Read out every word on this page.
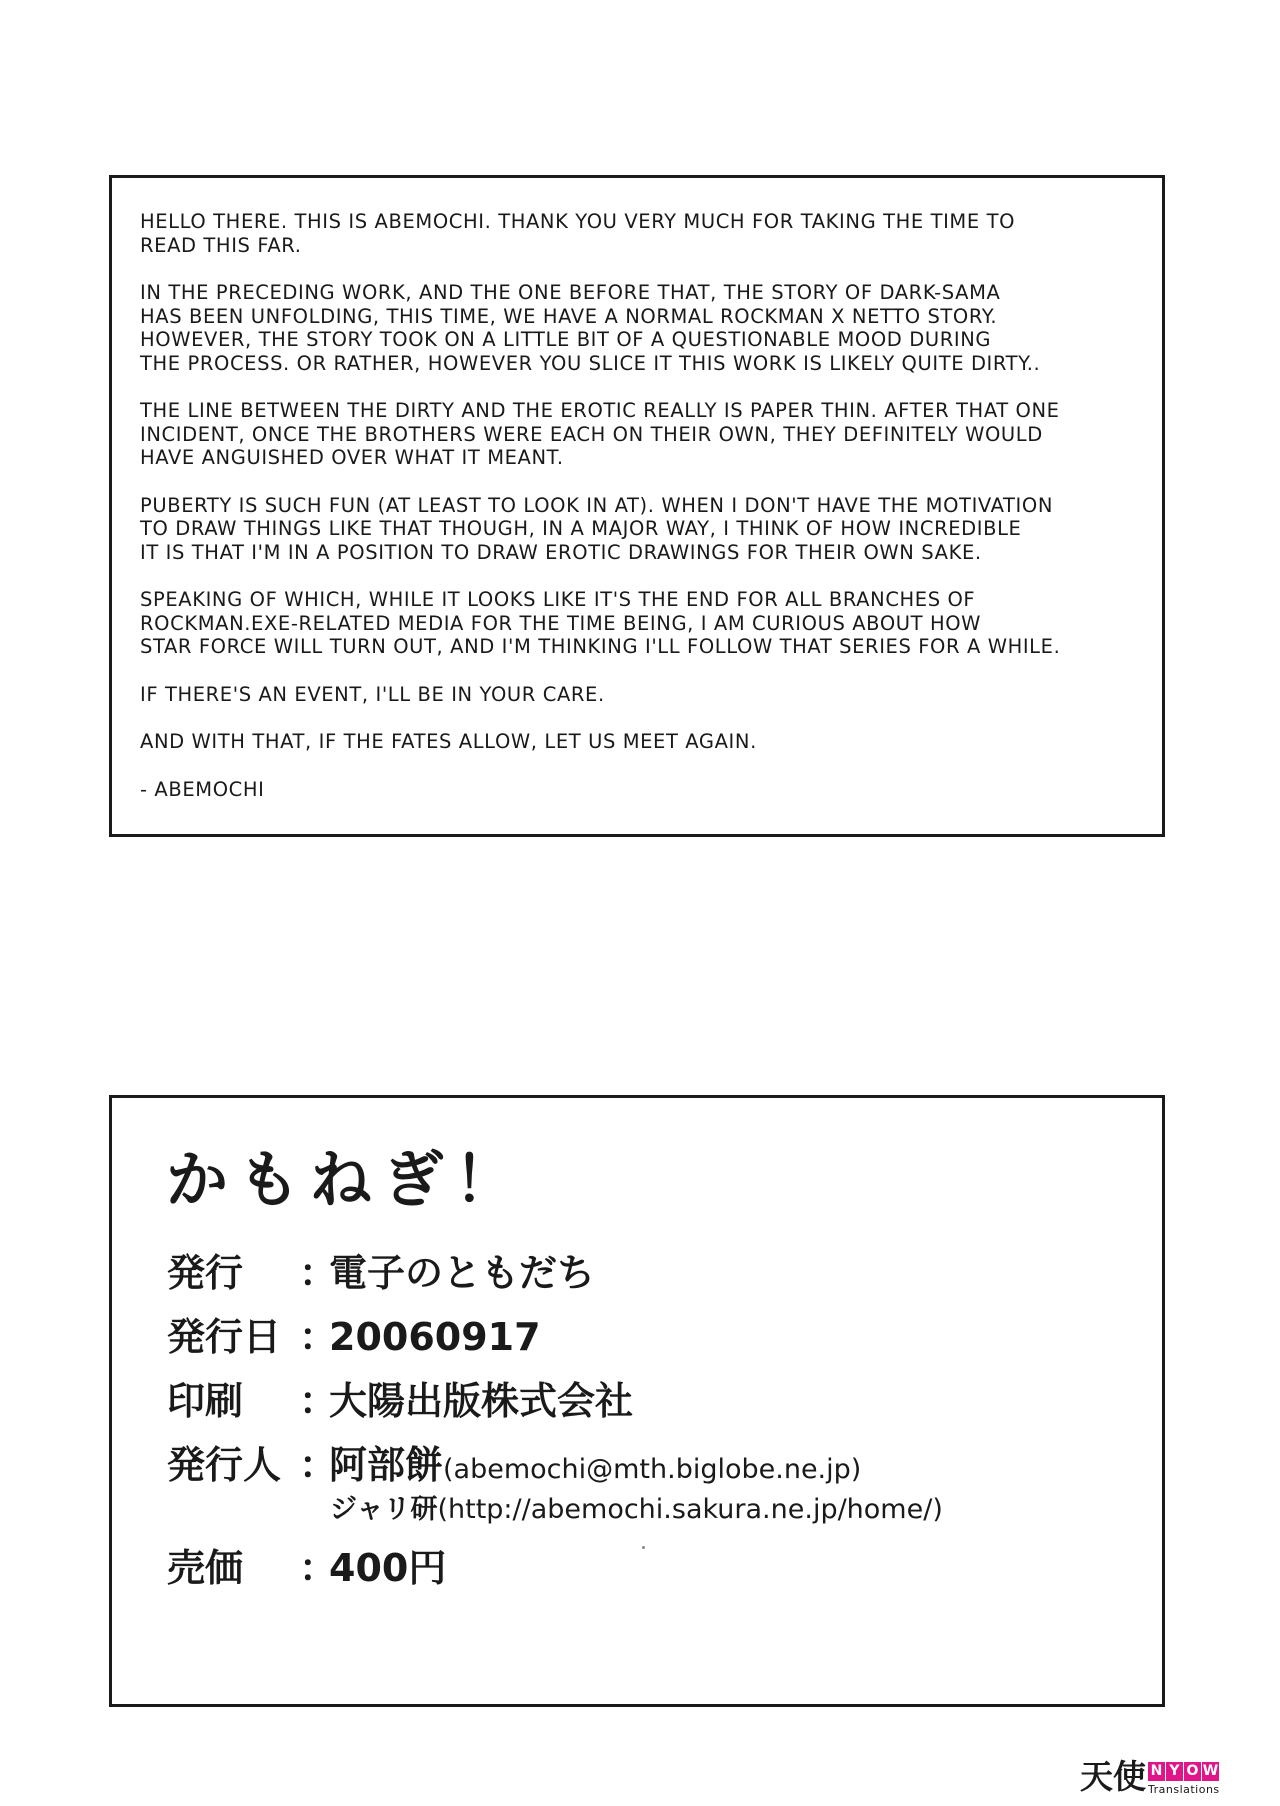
HELLO THERE. THIS IS ABEMOCHI. THANK YOU VERY MUCH FOR TAKING THE TIME TO
READ THIS FAR.

IN THE PRECEDING WORK, AND THE ONE BEFORE THAT, THE STORY OF DARK-SAMA
HAS BEEN UNFOLDING, THIS TIME, WE HAVE A NORMAL ROCKMAN X NETTO STORY.
HOWEVER, THE STORY TOOK ON A LITTLE BIT OF A QUESTIONABLE MOOD DURING
THE PROCESS. OR RATHER, HOWEVER YOU SLICE IT THIS WORK IS LIKELY QUITE DIRTY..

THE LINE BETWEEN THE DIRTY AND THE EROTIC REALLY IS PAPER THIN. AFTER THAT ONE
INCIDENT, ONCE THE BROTHERS WERE EACH ON THEIR OWN, THEY DEFINITELY WOULD
HAVE ANGUISHED OVER WHAT IT MEANT.

PUBERTY IS SUCH FUN (AT LEAST TO LOOK IN AT). WHEN I DON'T HAVE THE MOTIVATION
TO DRAW THINGS LIKE THAT THOUGH, IN A MAJOR WAY, I THINK OF HOW INCREDIBLE
IT IS THAT I'M IN A POSITION TO DRAW EROTIC DRAWINGS FOR THEIR OWN SAKE.

SPEAKING OF WHICH, WHILE IT LOOKS LIKE IT'S THE END FOR ALL BRANCHES OF
ROCKMAN.EXE-RELATED MEDIA FOR THE TIME BEING, I AM CURIOUS ABOUT HOW
STAR FORCE WILL TURN OUT, AND I'M THINKING I'LL FOLLOW THAT SERIES FOR A WHILE.

IF THERE'S AN EVENT, I'LL BE IN YOUR CARE.

AND WITH THAT, IF THE FATES ALLOW, LET US MEET AGAIN.

- ABEMOCHI

かもねぎ！
発行 ：電子のともだち
発行日 ：20060917
印刷 ：大陽出版株式会社
発行人 ：阿部餅(abemochi@mth.biglobe.ne.jp)
ジャリ研(http://abemochi.sakura.ne.jp/home/)
売価 ：400円
天使 N Y O W
Translations
